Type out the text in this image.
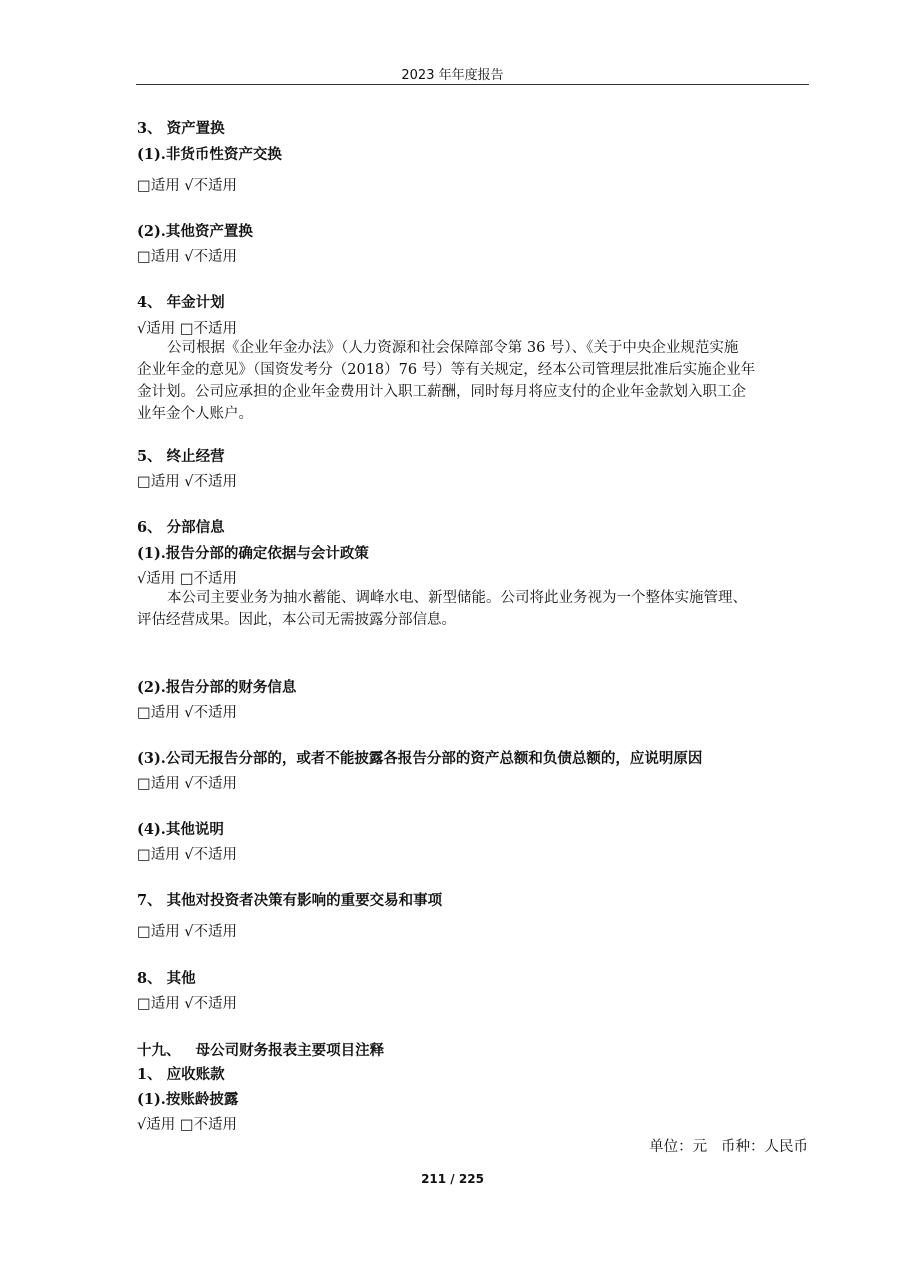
2023 年年度报告
3、 资产置换
(1).非货币性资产交换
□适用 √不适用
(2).其他资产置换
□适用 √不适用
4、 年金计划
√适用 □不适用
公司根据《企业年金办法》（人力资源和社会保障部令第 36 号）、《关于中央企业规范实施
企业年金的意见》（国资发考分（2018）76 号）等有关规定，经本公司管理层批准后实施企业年
金计划。公司应承担的企业年金费用计入职工薪酬，同时每月将应支付的企业年金款划入职工企
业年金个人账户。
5、 终止经营
□适用 √不适用
6、 分部信息
(1).报告分部的确定依据与会计政策
√适用 □不适用
本公司主要业务为抽水蓄能、调峰水电、新型储能。公司将此业务视为一个整体实施管理、
评估经营成果。因此，本公司无需披露分部信息。
(2).报告分部的财务信息
□适用 √不适用
(3).公司无报告分部的，或者不能披露各报告分部的资产总额和负债总额的，应说明原因
□适用 √不适用
(4).其他说明
□适用 √不适用
7、 其他对投资者决策有影响的重要交易和事项
□适用 √不适用
8、 其他
□适用 √不适用
十九、   母公司财务报表主要项目注释
1、 应收账款
(1).按账龄披露
√适用 □不适用
单位：元   币种：人民币
211 / 225
